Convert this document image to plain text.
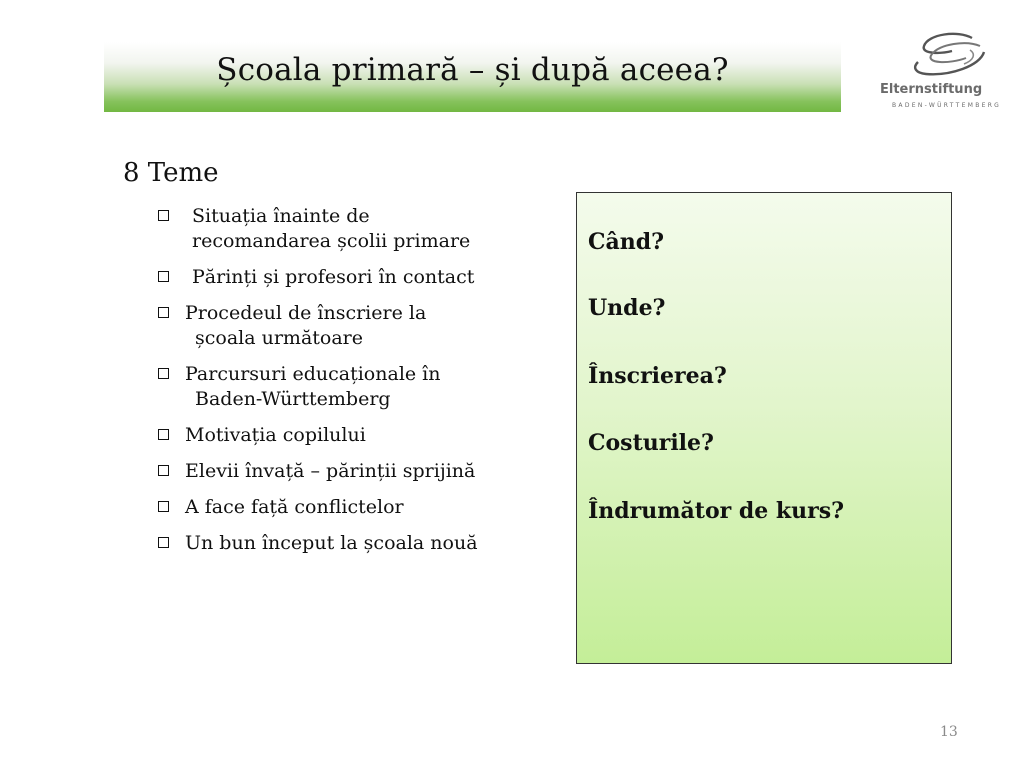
Școala primară – și după aceea?
Elternstiftung
BADEN-WÜRTTEMBERG
8 Teme
Situația înainte de
recomandarea școlii primare
Părinți și profesori în contact
Procedeul de înscriere la
școala următoare
Parcursuri educaționale în
Baden-Württemberg
Motivația copilului
Elevii învață – părinții sprijină
A face față conflictelor
Un bun început la școala nouă
Când?
Unde?
Înscrierea?
Costurile?
Îndrumător de kurs?
13
